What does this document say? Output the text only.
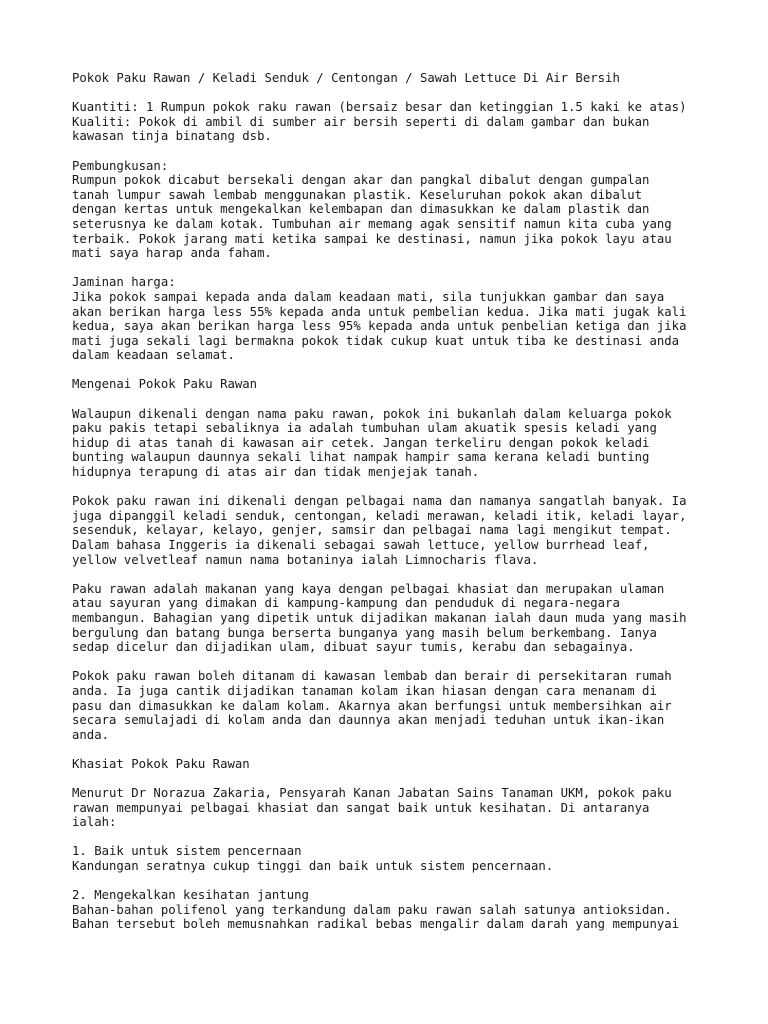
Pokok Paku Rawan / Keladi Senduk / Centongan / Sawah Lettuce Di Air Bersih
Kuantiti: 1 Rumpun pokok raku rawan (bersaiz besar dan ketinggian 1.5 kaki ke atas)
Kualiti: Pokok di ambil di sumber air bersih seperti di dalam gambar dan bukan
kawasan tinja binatang dsb.
Pembungkusan:
Rumpun pokok dicabut bersekali dengan akar dan pangkal dibalut dengan gumpalan
tanah lumpur sawah lembab menggunakan plastik. Keseluruhan pokok akan dibalut
dengan kertas untuk mengekalkan kelembapan dan dimasukkan ke dalam plastik dan
seterusnya ke dalam kotak. Tumbuhan air memang agak sensitif namun kita cuba yang
terbaik. Pokok jarang mati ketika sampai ke destinasi, namun jika pokok layu atau
mati saya harap anda faham.
Jaminan harga:
Jika pokok sampai kepada anda dalam keadaan mati, sila tunjukkan gambar dan saya
akan berikan harga less 55% kepada anda untuk pembelian kedua. Jika mati jugak kali
kedua, saya akan berikan harga less 95% kepada anda untuk penbelian ketiga dan jika
mati juga sekali lagi bermakna pokok tidak cukup kuat untuk tiba ke destinasi anda
dalam keadaan selamat.
Mengenai Pokok Paku Rawan
Walaupun dikenali dengan nama paku rawan, pokok ini bukanlah dalam keluarga pokok
paku pakis tetapi sebaliknya ia adalah tumbuhan ulam akuatik spesis keladi yang
hidup di atas tanah di kawasan air cetek. Jangan terkeliru dengan pokok keladi
bunting walaupun daunnya sekali lihat nampak hampir sama kerana keladi bunting
hidupnya terapung di atas air dan tidak menjejak tanah.
Pokok paku rawan ini dikenali dengan pelbagai nama dan namanya sangatlah banyak. Ia
juga dipanggil keladi senduk, centongan, keladi merawan, keladi itik, keladi layar,
sesenduk, kelayar, kelayo, genjer, samsir dan pelbagai nama lagi mengikut tempat.
Dalam bahasa Inggeris ia dikenali sebagai sawah lettuce, yellow burrhead leaf,
yellow velvetleaf namun nama botaninya ialah Limnocharis flava.
Paku rawan adalah makanan yang kaya dengan pelbagai khasiat dan merupakan ulaman
atau sayuran yang dimakan di kampung-kampung dan penduduk di negara-negara
membangun. Bahagian yang dipetik untuk dijadikan makanan ialah daun muda yang masih
bergulung dan batang bunga berserta bunganya yang masih belum berkembang. Ianya
sedap dicelur dan dijadikan ulam, dibuat sayur tumis, kerabu dan sebagainya.
Pokok paku rawan boleh ditanam di kawasan lembab dan berair di persekitaran rumah
anda. Ia juga cantik dijadikan tanaman kolam ikan hiasan dengan cara menanam di
pasu dan dimasukkan ke dalam kolam. Akarnya akan berfungsi untuk membersihkan air
secara semulajadi di kolam anda dan daunnya akan menjadi teduhan untuk ikan-ikan
anda.
Khasiat Pokok Paku Rawan
Menurut Dr Norazua Zakaria, Pensyarah Kanan Jabatan Sains Tanaman UKM, pokok paku
rawan mempunyai pelbagai khasiat dan sangat baik untuk kesihatan. Di antaranya
ialah:
1. Baik untuk sistem pencernaan
Kandungan seratnya cukup tinggi dan baik untuk sistem pencernaan.
2. Mengekalkan kesihatan jantung
Bahan-bahan polifenol yang terkandung dalam paku rawan salah satunya antioksidan.
Bahan tersebut boleh memusnahkan radikal bebas mengalir dalam darah yang mempunyai
